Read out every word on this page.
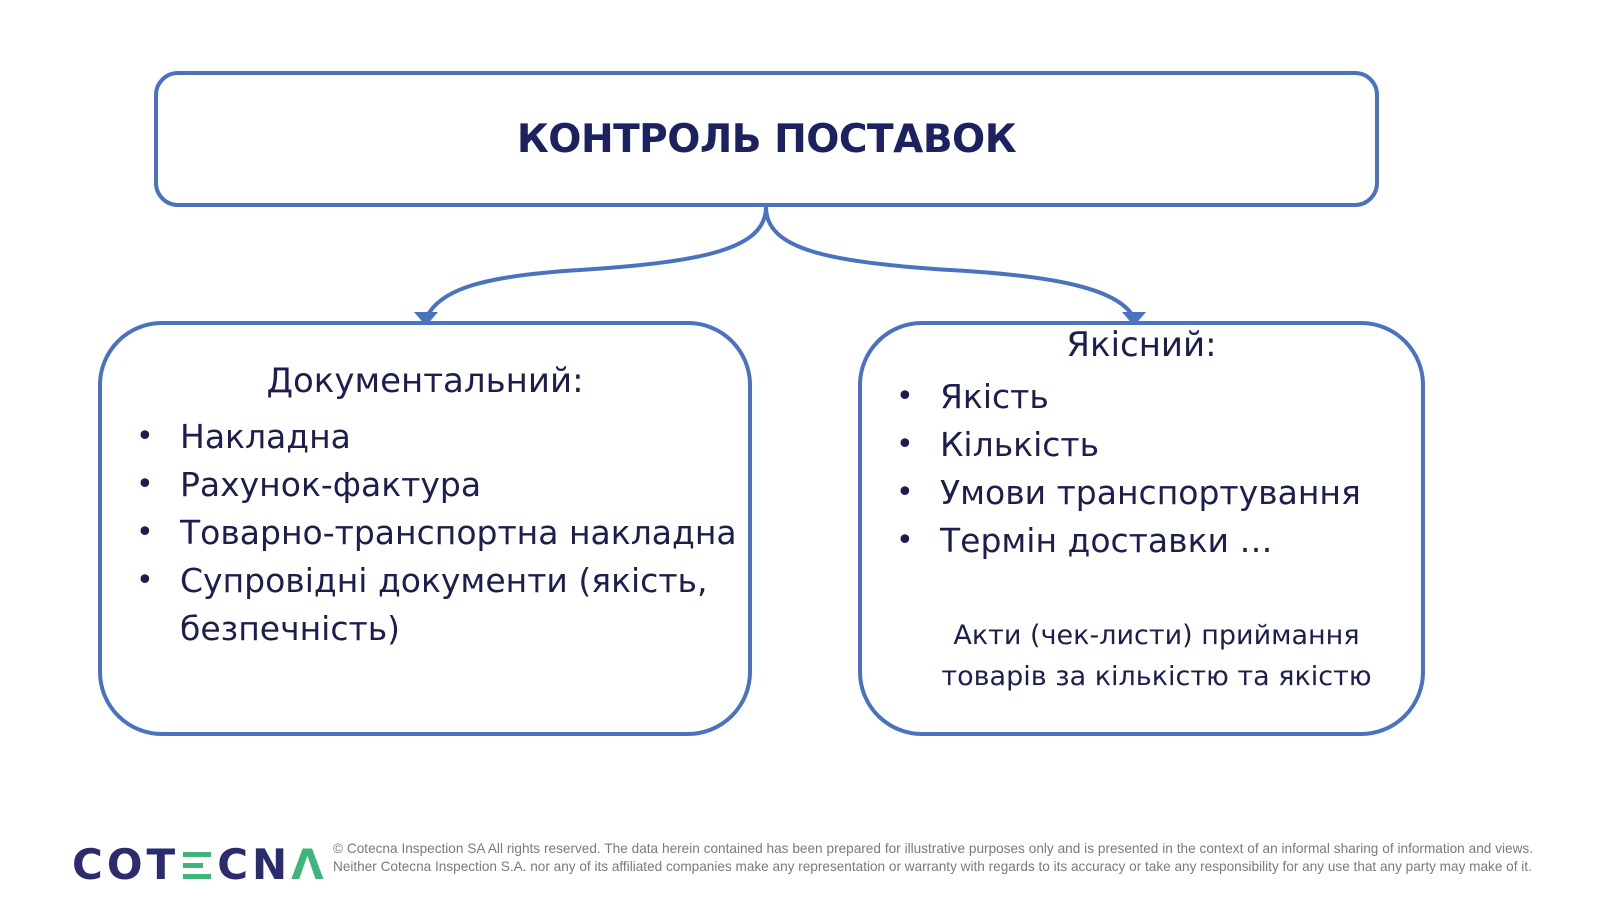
КОНТРОЛЬ ПОСТАВОК
Документальний:
• Накладна
• Рахунок-фактура
• Товарно-транспортна накладна
• Супровідні документи (якість, безпечність)
Якісний:
• Якість
• Кількість
• Умови транспортування
• Термін доставки …
Акти (чек-листи) приймання товарів за кількістю та якістю
COT CN Λ © Cotecna Inspection SA All rights reserved. The data herein contained has been prepared for illustrative purposes only and is presented in the context of an informal sharing of information and views. Neither Cotecna Inspection S.A. nor any of its affiliated companies make any representation or warranty with regards to its accuracy or take any responsibility for any use that any party may make of it.
